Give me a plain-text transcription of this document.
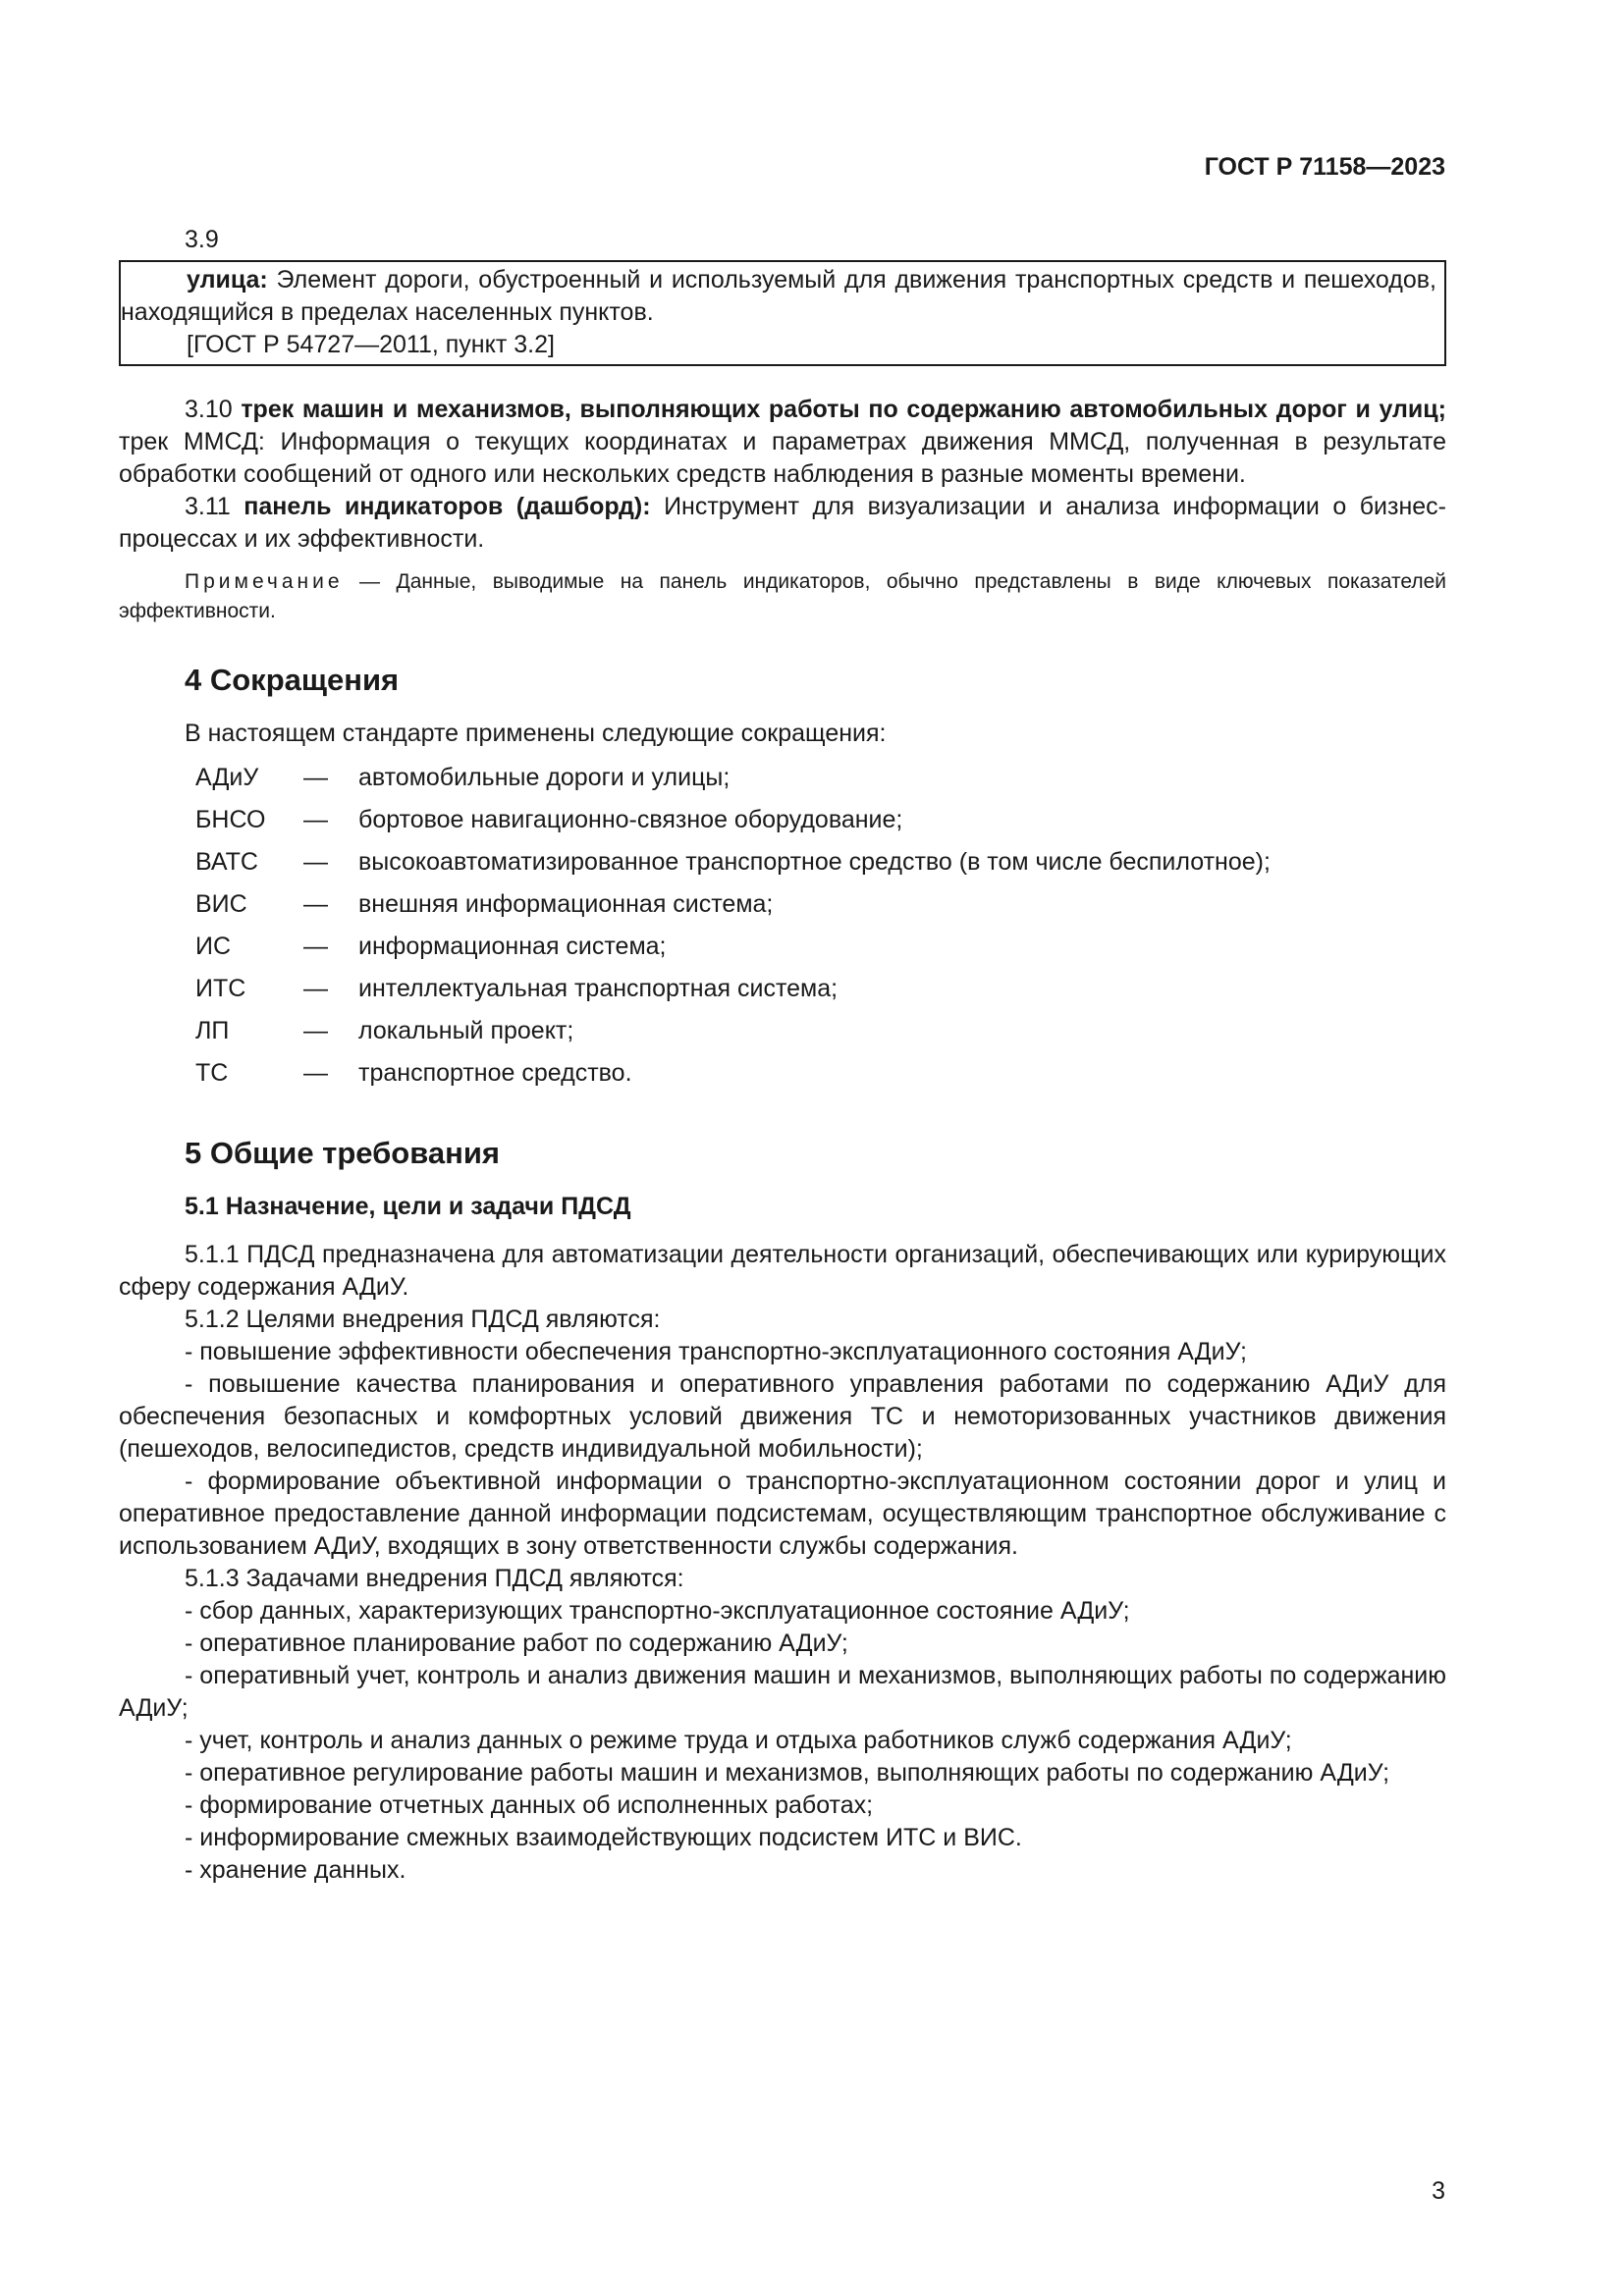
ГОСТ Р 71158—2023
3.9

улица: Элемент дороги, обустроенный и используемый для движения транспортных средств и пешеходов, находящийся в пределах населенных пунктов.

[ГОСТ Р 54727—2011, пункт 3.2]

3.10 трек машин и механизмов, выполняющих работы по содержанию автомобильных дорог и улиц; трек ММСД: Информация о текущих координатах и параметрах движения ММСД, полученная в результате обработки сообщений от одного или нескольких средств наблюдения в разные моменты времени.

3.11 панель индикаторов (дашборд): Инструмент для визуализации и анализа информации о бизнес-процессах и их эффективности.

Примечание — Данные, выводимые на панель индикаторов, обычно представлены в виде ключевых показателей эффективности.

4 Сокращения
В настоящем стандарте применены следующие сокращения:
АДиУ	—	автомобильные дороги и улицы;
БНСО	—	бортовое навигационно-связное оборудование;
ВАТС	—	высокоавтоматизированное транспортное средство (в том числе беспилотное);
ВИС	—	внешняя информационная система;
ИС	—	информационная система;
ИТС	—	интеллектуальная транспортная система;
ЛП	—	локальный проект;
ТС	—	транспортное средство.
5 Общие требования
5.1 Назначение, цели и задачи ПДСД

5.1.1 ПДСД предназначена для автоматизации деятельности организаций, обеспечивающих или курирующих сферу содержания АДиУ.

5.1.2 Целями внедрения ПДСД являются:

- повышение эффективности обеспечения транспортно-эксплуатационного состояния АДиУ;

- повышение качества планирования и оперативного управления работами по содержанию АДиУ для обеспечения безопасных и комфортных условий движения ТС и немоторизованных участников движения (пешеходов, велосипедистов, средств индивидуальной мобильности);

- формирование объективной информации о транспортно-эксплуатационном состоянии дорог и улиц и оперативное предоставление данной информации подсистемам, осуществляющим транспортное обслуживание с использованием АДиУ, входящих в зону ответственности службы содержания.

5.1.3 Задачами внедрения ПДСД являются:

- сбор данных, характеризующих транспортно-эксплуатационное состояние АДиУ;

- оперативное планирование работ по содержанию АДиУ;

- оперативный учет, контроль и анализ движения машин и механизмов, выполняющих работы по содержанию АДиУ;

- учет, контроль и анализ данных о режиме труда и отдыха работников служб содержания АДиУ;

- оперативное регулирование работы машин и механизмов, выполняющих работы по содержанию АДиУ;

- формирование отчетных данных об исполненных работах;

- информирование смежных взаимодействующих подсистем ИТС и ВИС.

- хранение данных.

3
